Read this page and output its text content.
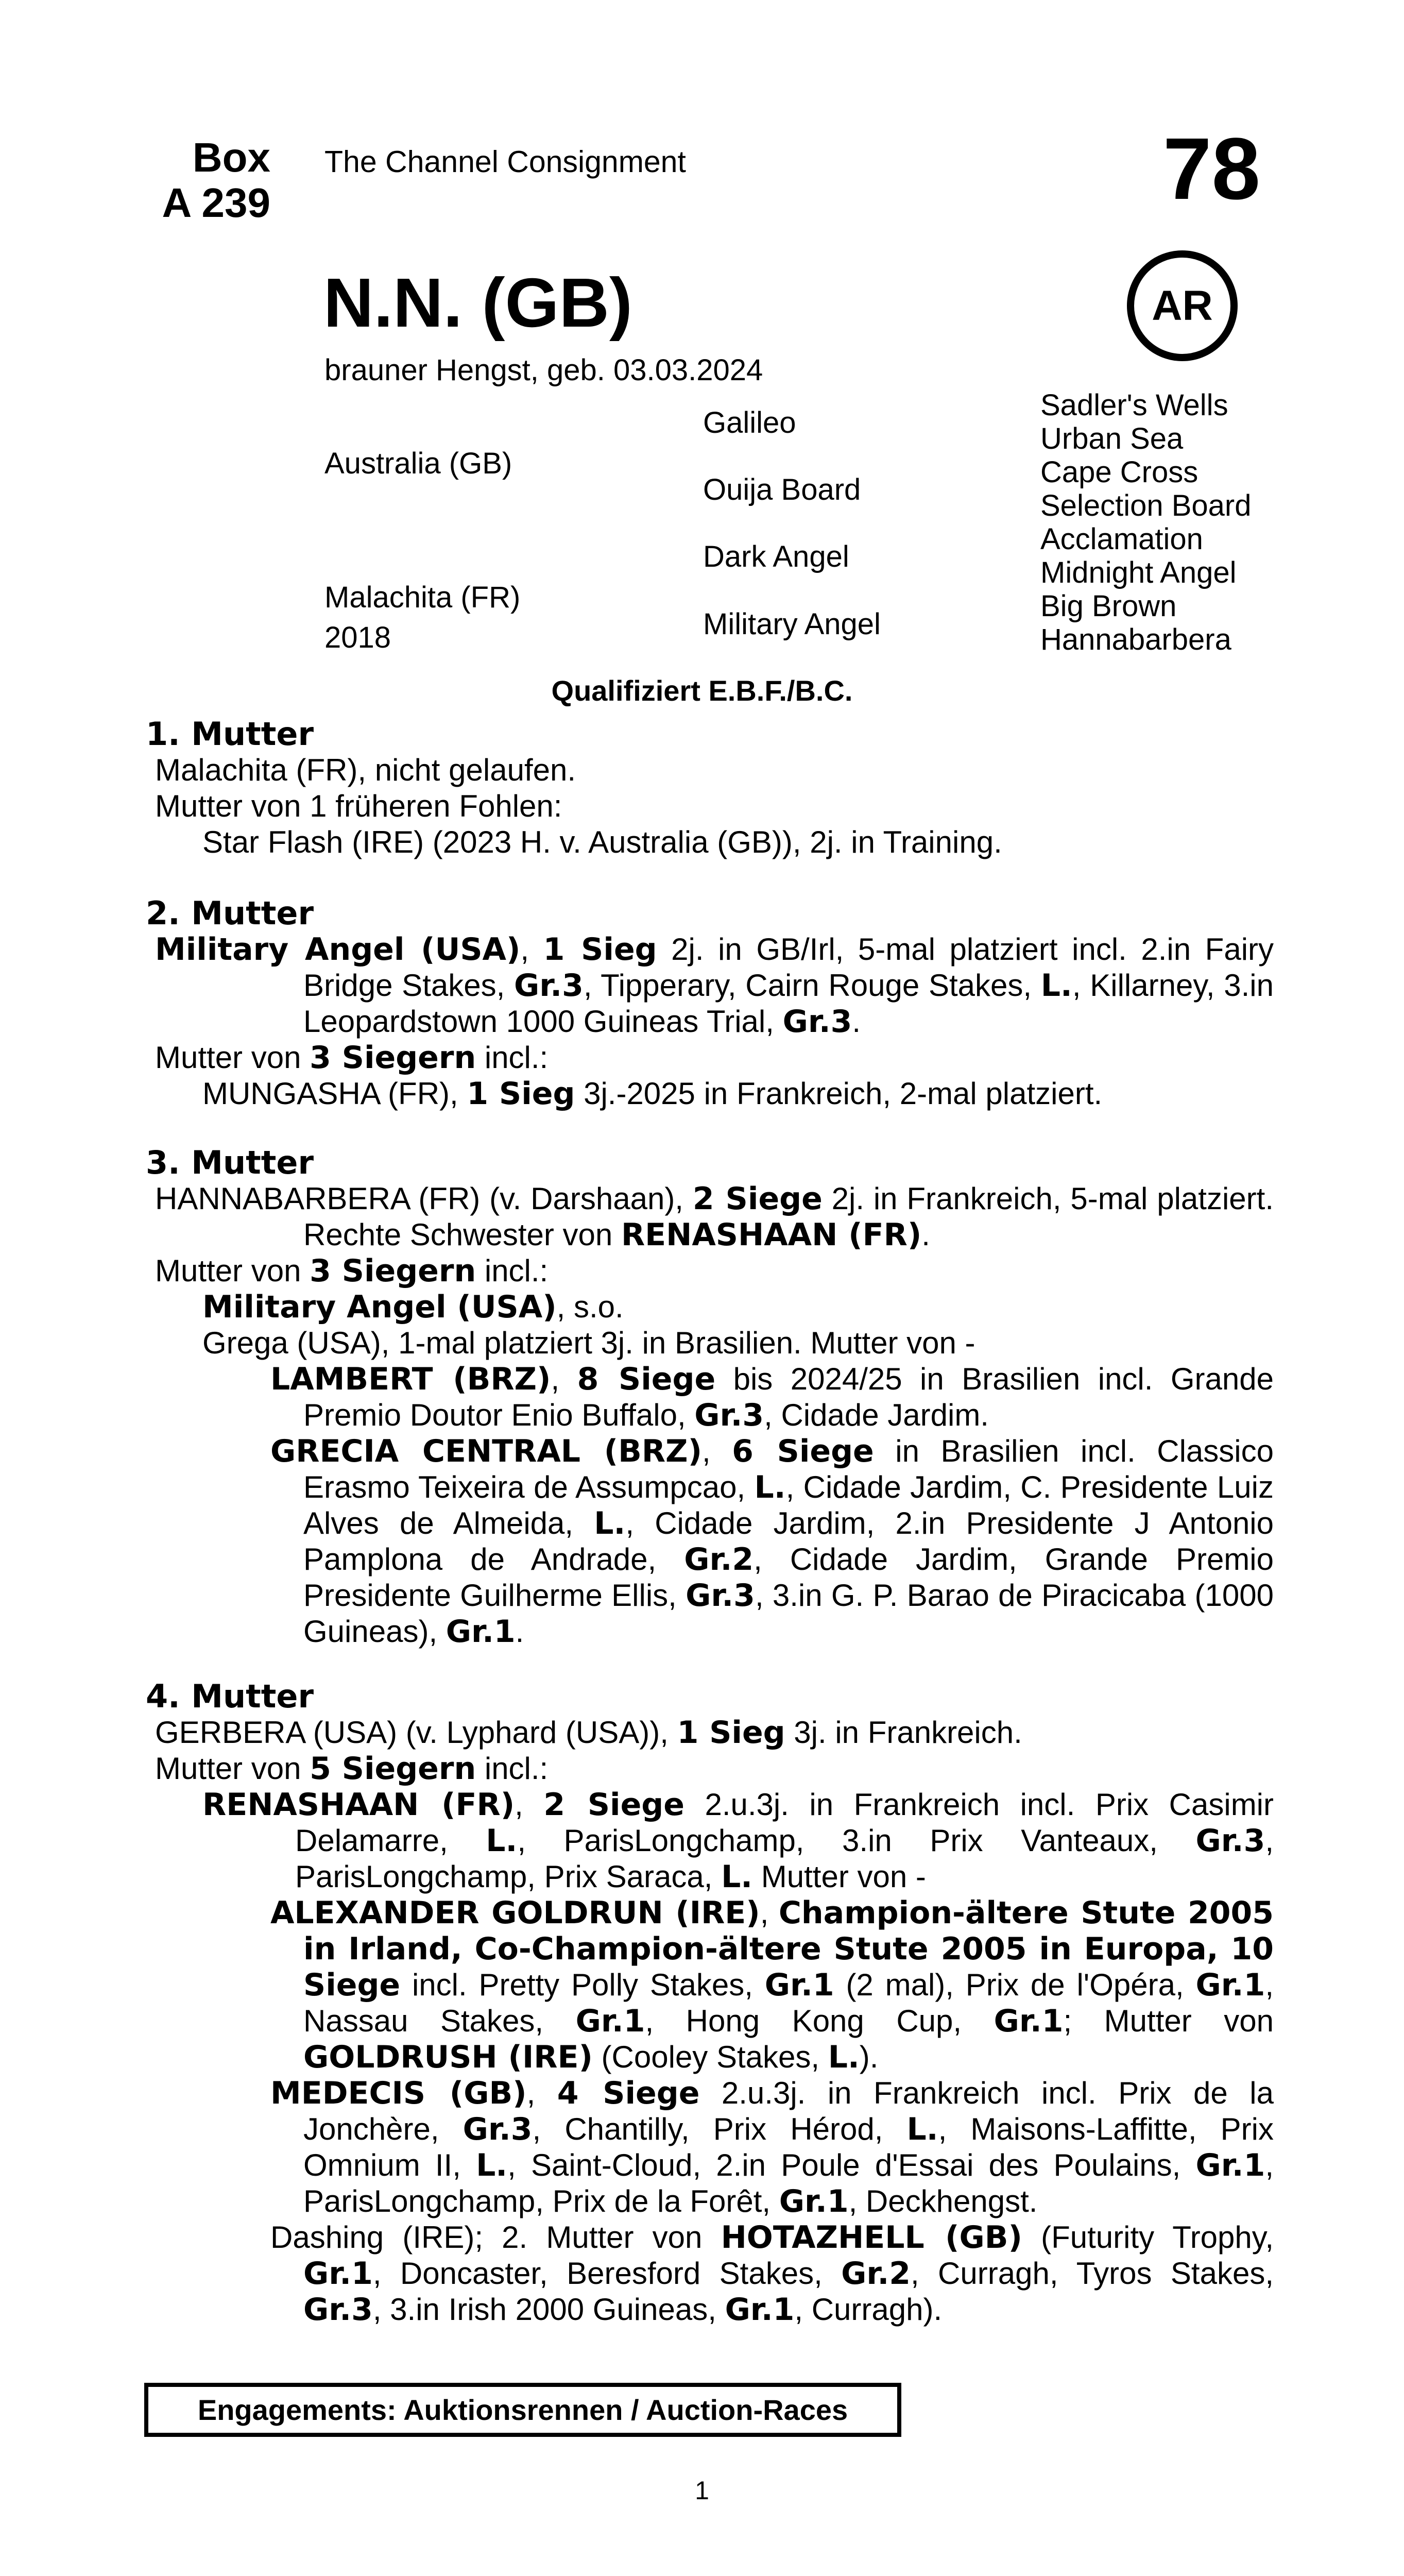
Box
A 239
The Channel Consignment	78
N.N. (GB)
brauner Hengst, geb. 03.03.2024
AR
Australia (GB)
Malachita (FR)
2018
Galileo
Ouija Board
Dark Angel
Military Angel
Sadler's Wells
Urban Sea
Cape Cross
Selection Board
Acclamation
Midnight Angel
Big Brown
Hannabarbera
Qualifiziert E.B.F./B.C.

1. Mutter

Malachita (FR), nicht gelaufen.

Mutter von 1 früheren Fohlen:

Star Flash (IRE) (2023 H. v. Australia (GB)), 2j. in Training.

2. Mutter

Military Angel (USA), 1 Sieg 2j. in GB/Irl, 5-mal platziert incl. 2.in Fairy Bridge Stakes, Gr.3, Tipperary, Cairn Rouge Stakes, L., Killarney, 3.in Leopardstown 1000 Guineas Trial, Gr.3.

Mutter von 3 Siegern incl.:

MUNGASHA (FR), 1 Sieg 3j.-2025 in Frankreich, 2-mal platziert.

3. Mutter

HANNABARBERA (FR) (v. Darshaan), 2 Siege 2j. in Frankreich, 5-mal platziert. Rechte Schwester von RENASHAAN (FR).

Mutter von 3 Siegern incl.:

Military Angel (USA), s.o.

Grega (USA), 1-mal platziert 3j. in Brasilien. Mutter von -

LAMBERT (BRZ), 8 Siege bis 2024/25 in Brasilien incl. Grande Premio Doutor Enio Buffalo, Gr.3, Cidade Jardim.

GRECIA CENTRAL (BRZ), 6 Siege in Brasilien incl. Classico Erasmo Teixeira de Assumpcao, L., Cidade Jardim, C. Presidente Luiz Alves de Almeida, L., Cidade Jardim, 2.in Presidente J Antonio Pamplona de Andrade, Gr.2, Cidade Jardim, Grande Premio Presidente Guilherme Ellis, Gr.3, 3.in G. P. Barao de Piracicaba (1000 Guineas), Gr.1.

4. Mutter

GERBERA (USA) (v. Lyphard (USA)), 1 Sieg 3j. in Frankreich.

Mutter von 5 Siegern incl.:

RENASHAAN (FR), 2 Siege 2.u.3j. in Frankreich incl. Prix Casimir Delamarre, L., ParisLongchamp, 3.in Prix Vanteaux, Gr.3, ParisLongchamp, Prix Saraca, L. Mutter von -

ALEXANDER GOLDRUN (IRE), Champion-ältere Stute 2005 in Irland, Co-Champion-ältere Stute 2005 in Europa, 10 Siege incl. Pretty Polly Stakes, Gr.1 (2 mal), Prix de l'Opéra, Gr.1, Nassau Stakes, Gr.1, Hong Kong Cup, Gr.1; Mutter von GOLDRUSH (IRE) (Cooley Stakes, L.).

MEDECIS (GB), 4 Siege 2.u.3j. in Frankreich incl. Prix de la Jonchère, Gr.3, Chantilly, Prix Hérod, L., Maisons-Laffitte, Prix Omnium II, L., Saint-Cloud, 2.in Poule d'Essai des Poulains, Gr.1, ParisLongchamp, Prix de la Forêt, Gr.1, Deckhengst.

Dashing (IRE); 2. Mutter von HOTAZHELL (GB) (Futurity Trophy, Gr.1, Doncaster, Beresford Stakes, Gr.2, Curragh, Tyros Stakes, Gr.3, 3.in Irish 2000 Guineas, Gr.1, Curragh).

Engagements: Auktionsrennen / Auction-Races
1
